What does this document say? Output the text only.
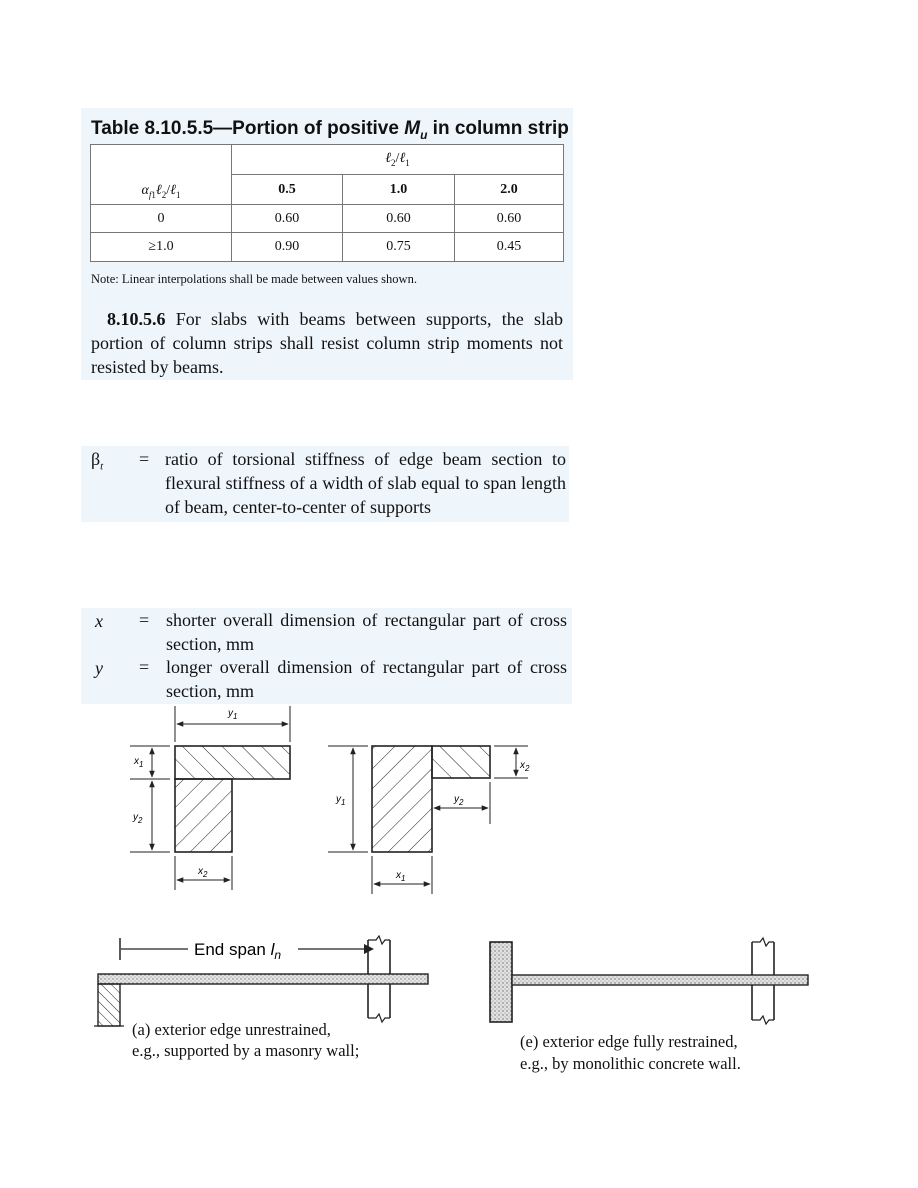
Table 8.10.5.5—Portion of positive $M_u$ in column strip
$\alpha_{f1}\ell_2/\ell_1$	ℓ$_2$/ℓ$_1$
	0.5	1.0	2.0
0	0.60	0.60	0.60
≥1.0	0.90	0.75	0.45
Note: Linear interpolations shall be made between values shown.
8.10.5.6 For slabs with beams between supports, the slab portion of column strips shall resist column strip moments not resisted by beams.
$\beta_t$ = ratio of torsional stiffness of edge beam section to flexural stiffness of a width of slab equal to span length of beam, center-to-center of supports
x = shorter overall dimension of rectangular part of cross section, mm
y = longer overall dimension of rectangular part of cross section, mm
$y_1$
$x_1$
$y_2$
$x_2$
$y_1$
$x_2$
$y_2$
$x_1$
End span $l_n$
(a) exterior edge unrestrained,
e.g., supported by a masonry wall;	(e) exterior edge fully restrained,
e.g., by monolithic concrete wall.
